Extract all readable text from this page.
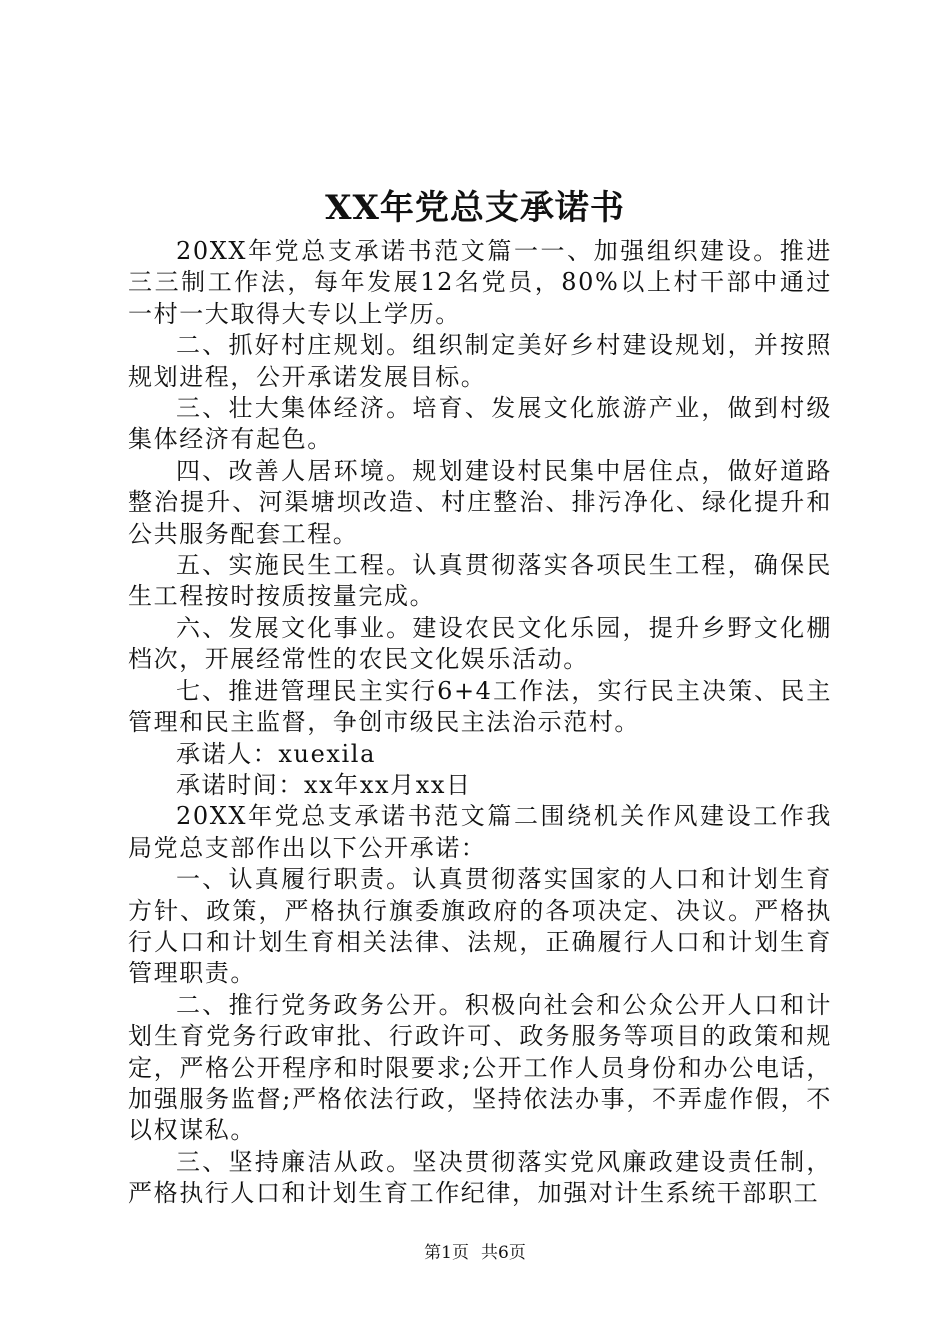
XX年党总支承诺书

20XX年党总支承诺书范文篇一一、加强组织建设。推进三三制工作法，每年发展12名党员，80%以上村干部中通过一村一大取得大专以上学历。

二、抓好村庄规划。组织制定美好乡村建设规划，并按照规划进程，公开承诺发展目标。

三、壮大集体经济。培育、发展文化旅游产业，做到村级集体经济有起色。

四、改善人居环境。规划建设村民集中居住点，做好道路整治提升、河渠塘坝改造、村庄整治、排污净化、绿化提升和公共服务配套工程。

五、实施民生工程。认真贯彻落实各项民生工程，确保民生工程按时按质按量完成。

六、发展文化事业。建设农民文化乐园，提升乡野文化棚档次，开展经常性的农民文化娱乐活动。

七、推进管理民主实行6+4工作法，实行民主决策、民主管理和民主监督，争创市级民主法治示范村。

承诺人：xuexila

承诺时间：xx年xx月xx日

20XX年党总支承诺书范文篇二围绕机关作风建设工作我局党总支部作出以下公开承诺：

一、认真履行职责。认真贯彻落实国家的人口和计划生育方针、政策，严格执行旗委旗政府的各项决定、决议。严格执行人口和计划生育相关法律、法规，正确履行人口和计划生育管理职责。

二、推行党务政务公开。积极向社会和公众公开人口和计划生育党务行政审批、行政许可、政务服务等项目的政策和规定，严格公开程序和时限要求;公开工作人员身份和办公电话，加强服务监督;严格依法行政，坚持依法办事，不弄虚作假，不以权谋私。

三、坚持廉洁从政。坚决贯彻落实党风廉政建设责任制，严格执行人口和计划生育工作纪律，加强对计生系统干部职工

第1页 共6页
